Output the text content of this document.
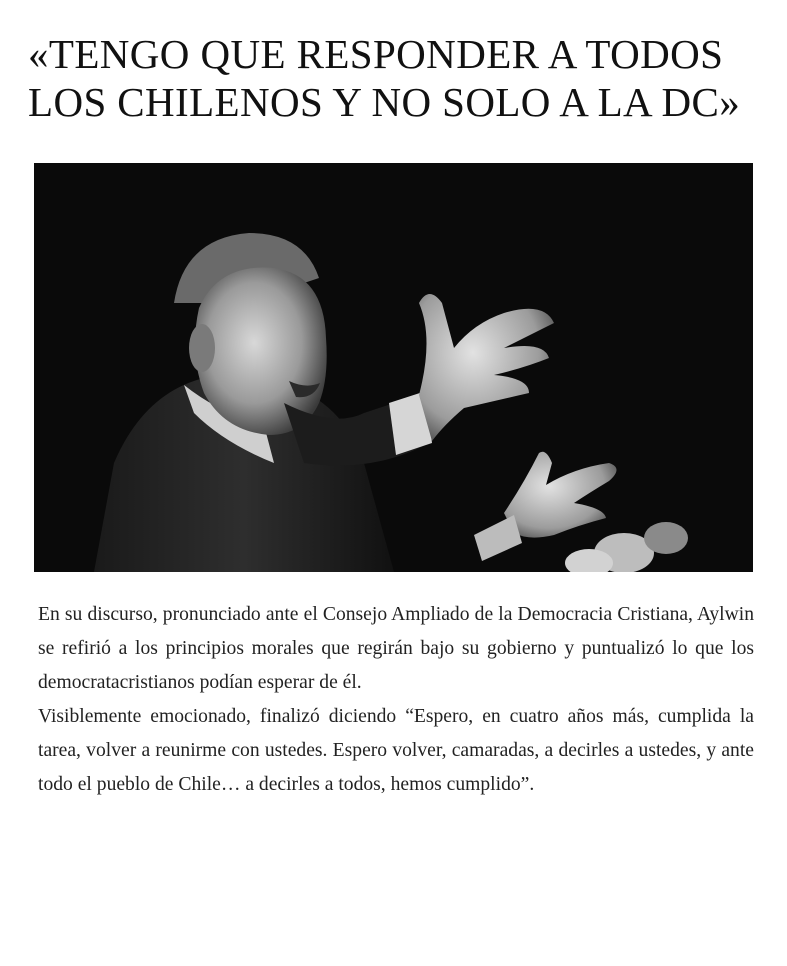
«TENGO QUE RESPONDER A TODOS
LOS CHILENOS Y NO SOLO A LA DC»

En su discurso, pronunciado ante el Consejo Ampliado de la Democracia Cristiana, Aylwin se refirió a los principios morales que regirán bajo su gobierno y puntualizó lo que los democratacristianos podían esperar de él.

Visiblemente emocionado, finalizó diciendo “Espero, en cuatro años más, cumplida la tarea, volver a reunirme con ustedes. Espero volver, camaradas, a decirles a ustedes, y ante todo el pueblo de Chile… a decirles a todos, hemos cumplido”.
